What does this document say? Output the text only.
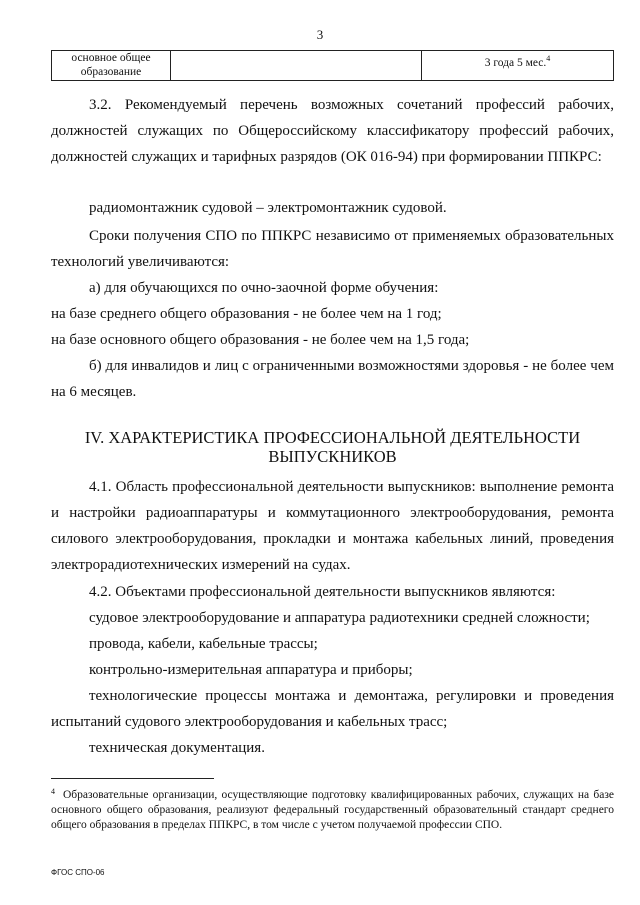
3
основное общее образование		3 года 5 мес.$^4$

3.2. Рекомендуемый перечень возможных сочетаний профессий рабочих, должностей служащих по Общероссийскому классификатору профессий рабочих, должностей служащих и тарифных разрядов (ОК 016-94) при формировании ППКРС:

радиомонтажник судовой – электромонтажник судовой.

Сроки получения СПО по ППКРС независимо от применяемых образовательных технологий увеличиваются:

а) для обучающихся по очно-заочной форме обучения:

на базе среднего общего образования - не более чем на 1 год;

на базе основного общего образования - не более чем на 1,5 года;

б) для инвалидов и лиц с ограниченными возможностями здоровья - не более чем на 6 месяцев.

IV. ХАРАКТЕРИСТИКА ПРОФЕССИОНАЛЬНОЙ ДЕЯТЕЛЬНОСТИ ВЫПУСКНИКОВ

4.1. Область профессиональной деятельности выпускников: выполнение ремонта и настройки радиоаппаратуры и коммутационного электрооборудования, ремонта силового электрооборудования, прокладки и монтажа кабельных линий, проведения электрорадиотехнических измерений на судах.

4.2. Объектами профессиональной деятельности выпускников являются:

судовое электрооборудование и аппаратура радиотехники средней сложности;

провода, кабели, кабельные трассы;

контрольно-измерительная аппаратура и приборы;

технологические процессы монтажа и демонтажа, регулировки и проведения испытаний судового электрооборудования и кабельных трасс;

техническая документация.

$^4$ Образовательные организации, осуществляющие подготовку квалифицированных рабочих, служащих на базе основного общего образования, реализуют федеральный государственный образовательный стандарт среднего общего образования в пределах ППКРС, в том числе с учетом получаемой профессии СПО.

ФГОС СПО-06
